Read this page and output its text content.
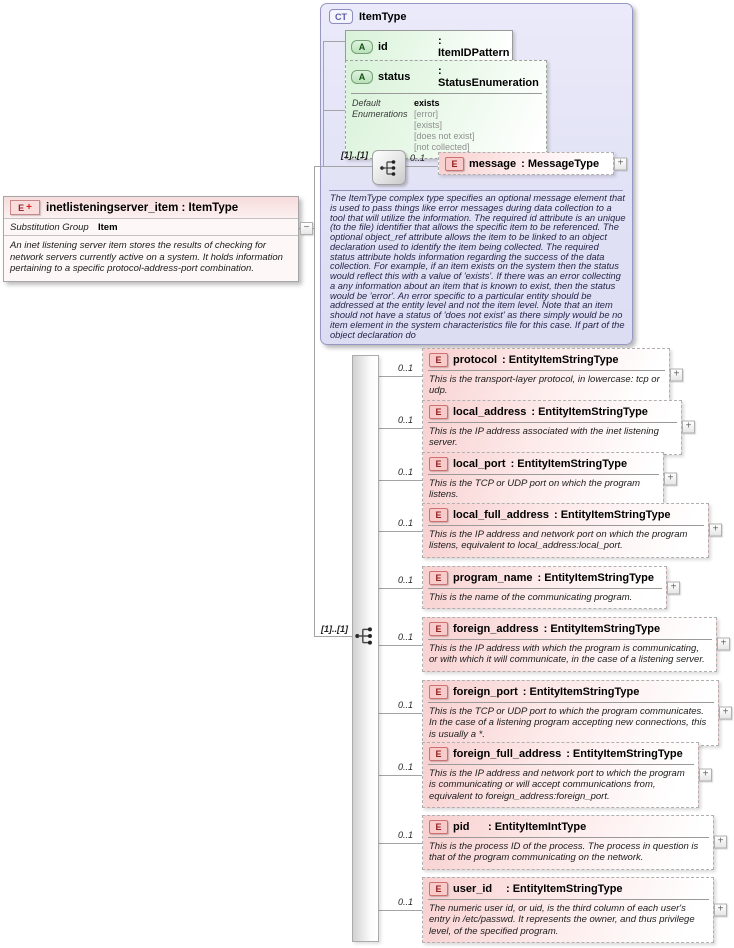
E + inetlisteningserver_item : ItemType
Substitution Group Item
An inet listening server item stores the results of checking for network servers currently active on a system. It holds information pertaining to a specific protocol-address-port combination.
−
CT	ItemType
The ItemType complex type specifies an optional message element that is used to pass things like error messages during data collection to a tool that will utilize the information. The required id attribute is an unique (to the file) identifier that allows the specific item to be referenced. The optional object_ref attribute allows the item to be linked to an object declaration used to identify the item being collected. The required status attribute holds information regarding the success of the data collection. For example, if an item exists on the system then the status would reflect this with a value of 'exists'. If there was an error collecting a any information about an item that is known to exist, then the status would be 'error'. An error specific to a particular entity should be addressed at the entity level and not the item level. Note that an item should not have a status of 'does not exist' as there simply would be no item element in the system characteristics file for this case. If part of the object declaration do
A	id	: ItemIDPattern
A	status	: StatusEnumeration
Default
Enumerations
exists
[error]
[exists]
[does not exist]
[not collected]
[1]..[1]	0..1
E	message : MessageType	+
[1]..[1]
E	protocol : EntityItemStringType
This is the transport-layer protocol, in lowercase: tcp or udp.
+
0..1
E	local_address : EntityItemStringType
This is the IP address associated with the inet listening server.
+
0..1
E	local_port : EntityItemStringType
This is the TCP or UDP port on which the program listens.
+
0..1
E	local_full_address : EntityItemStringType
This is the IP address and network port on which the program listens, equivalent to local_address:local_port.
+
0..1
E	program_name : EntityItemStringType
This is the name of the communicating program.
+
0..1
E	foreign_address : EntityItemStringType
This is the IP address with which the program is communicating, or with which it will communicate, in the case of a listening server.
+
0..1
E	foreign_port : EntityItemStringType
This is the TCP or UDP port to which the program communicates. In the case of a listening program accepting new connections, this is usually a *.
+
0..1
E	foreign_full_address : EntityItemStringType
This is the IP address and network port to which the program is communicating or will accept communications from, equivalent to foreign_address:foreign_port.
+
0..1
E	pid	: EntityItemIntType
This is the process ID of the process. The process in question is that of the program communicating on the network.
+
0..1
E	user_id	: EntityItemStringType
The numeric user id, or uid, is the third column of each user's entry in /etc/passwd. It represents the owner, and thus privilege level, of the specified program.
+
0..1
